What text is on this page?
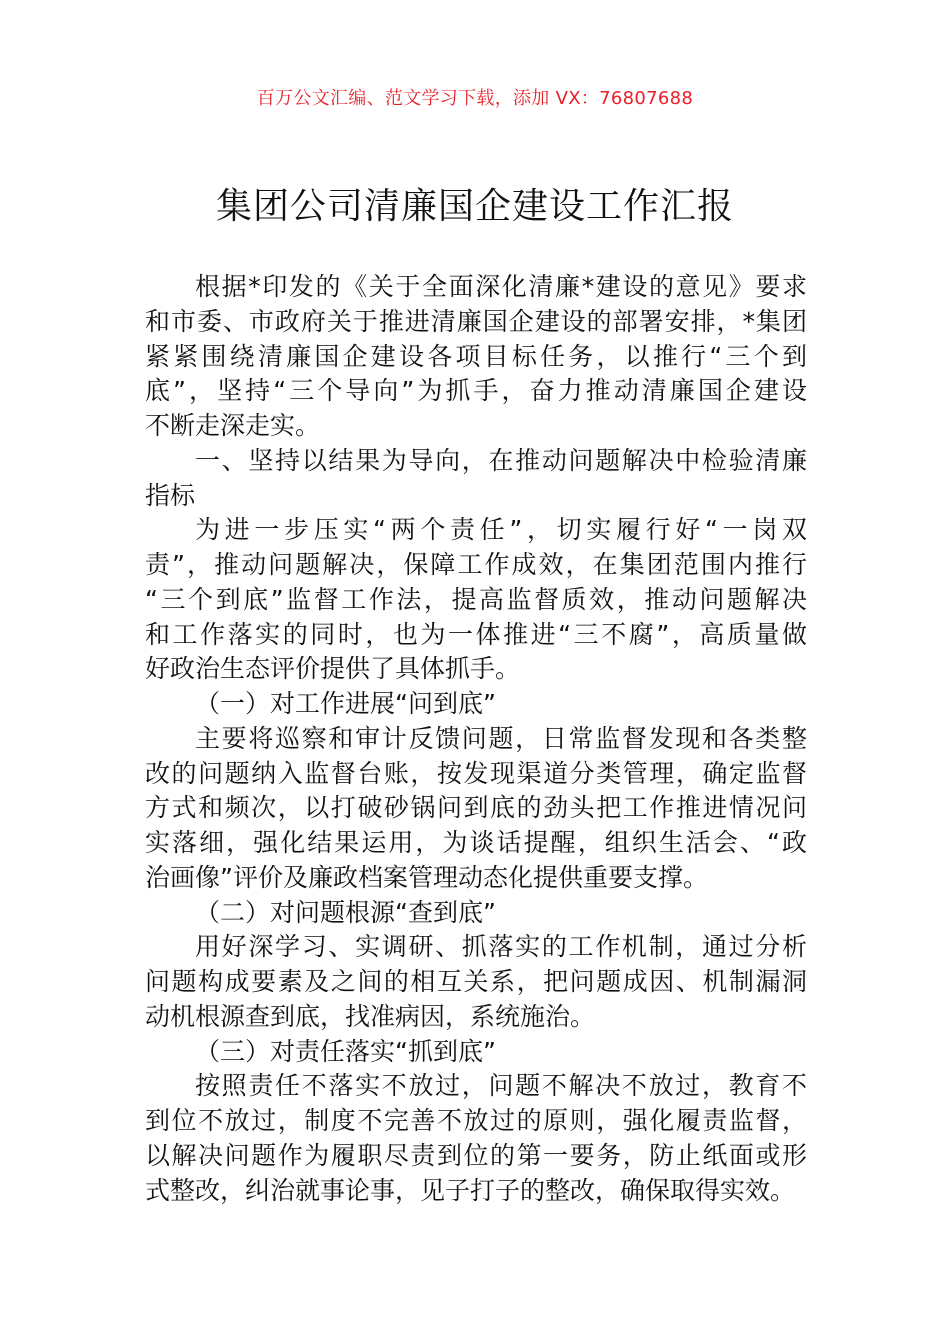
百万公文汇编、范文学习下载，添加 VX：76807688
集团公司清廉国企建设工作汇报
根据*印发的《关于全面深化清廉*建设的意见》要求
和市委、市政府关于推进清廉国企建设的部署安排，*集团
紧紧围绕清廉国企建设各项目标任务，以推行“三个到
底”，坚持“三个导向”为抓手，奋力推动清廉国企建设
不断走深走实。
一、坚持以结果为导向，在推动问题解决中检验清廉
指标
为进一步压实“两个责任”，切实履行好“一岗双
责”，推动问题解决，保障工作成效，在集团范围内推行
“三个到底”监督工作法，提高监督质效，推动问题解决
和工作落实的同时，也为一体推进“三不腐”，高质量做
好政治生态评价提供了具体抓手。
（一）对工作进展“问到底”
主要将巡察和审计反馈问题，日常监督发现和各类整
改的问题纳入监督台账，按发现渠道分类管理，确定监督
方式和频次，以打破砂锅问到底的劲头把工作推进情况问
实落细，强化结果运用，为谈话提醒，组织生活会、“政
治画像”评价及廉政档案管理动态化提供重要支撑。
（二）对问题根源“查到底”
用好深学习、实调研、抓落实的工作机制，通过分析
问题构成要素及之间的相互关系，把问题成因、机制漏洞
动机根源查到底，找准病因，系统施治。
（三）对责任落实“抓到底”
按照责任不落实不放过，问题不解决不放过，教育不
到位不放过，制度不完善不放过的原则，强化履责监督，
以解决问题作为履职尽责到位的第一要务，防止纸面或形
式整改，纠治就事论事，见子打子的整改，确保取得实效。
